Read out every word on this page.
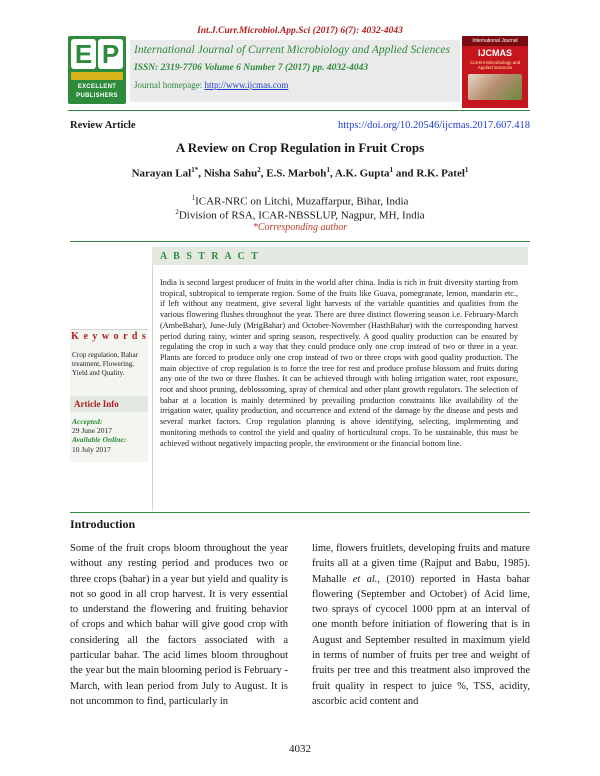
Int.J.Curr.Microbiol.App.Sci (2017) 6(7): 4032-4043
E P
EXCELLENT
PUBLISHERS
International Journal of Current Microbiology and Applied Sciences
ISSN: 2319-7706 Volume 6 Number 7 (2017) pp. 4032-4043
Journal homepage: http://www.ijcmas.com
International Journal
IJCMAS
Current Microbiology and Applied Sciences
Review Article	https://doi.org/10.20546/ijcmas.2017.607.418
A Review on Crop Regulation in Fruit Crops
Narayan Lal$^{1*}$, Nisha Sahu$^2$, E.S. Marboh$^1$, A.K. Gupta$^1$ and R.K. Patel$^1$
$^1$ICAR-NRC on Litchi, Muzaffarpur, Bihar, India
$^2$Division of RSA, ICAR-NBSSLUP, Nagpur, MH, India
*Corresponding author
A B S T R A C T
India is second largest producer of fruits in the world after china. India is rich in fruit diversity starting from tropical, subtropical to temperate region. Some of the fruits like Guava, pomegranate, lemon, mandarin etc., if left without any treatment, give several light harvests of the variable quantities and qualities from the various flowering flushes throughout the year. There are three distinct flowering season i.e. February-March (AmbeBahar), June-July (MrigBahar) and October-November (HasthBahar) with the corresponding harvest period during rainy, winter and spring season, respectively. A good quality production can be ensured by regulating the crop in such a way that they could produce only one crop instead of two or three in a year. Plants are forced to produce only one crop instead of two or three crops with good quality production. The main objective of crop regulation is to force the tree for rest and produce profuse blossom and fruits during any one of the two or three flushes. It can be achieved through with holing irrigation water, root exposure, root and shoot pruning, deblossoming, spray of chemical and other plant growth regulators. The selection of bahar at a location is mainly determined by prevailing production constraints like availability of the irrigation water, quality production, and occurrence and extend of the damage by the disease and pests and several market factors. Crop regulation planning is above identifying, selecting, implementing and monitoring methods to control the yield and quality of horticultural crops. To be sustainable, this must be achieved without negatively impacting people, the environment or the financial bottom line.
K e y w o r d s
Crop regulation, Bahar treatment, Flowering, Yield and Quality.
Article Info
Accepted:
29 June 2017
Available Online:
10 July 2017
Introduction
Some of the fruit crops bloom throughout the year without any resting period and produces two or three crops (bahar) in a year but yield and quality is not so good in all crop harvest. It is very essential to understand the flowering and fruiting behavior of crops and which bahar will give good crop with considering all the factors associated with a particular bahar. The acid limes bloom throughout the year but the main blooming period is February - March, with lean period from July to August. It is not uncommon to find, particularly in
lime, flowers fruitlets, developing fruits and mature fruits all at a given time (Rajput and Babu, 1985). Mahalle et al., (2010) reported in Hasta bahar flowering (September and October) of Acid lime, two sprays of cycocel 1000 ppm at an interval of one month before initiation of flowering that is in August and September resulted in maximum yield in terms of number of fruits per tree and weight of fruits per tree and this treatment also improved the fruit quality in respect to juice %, TSS, acidity, ascorbic acid content and
4032
